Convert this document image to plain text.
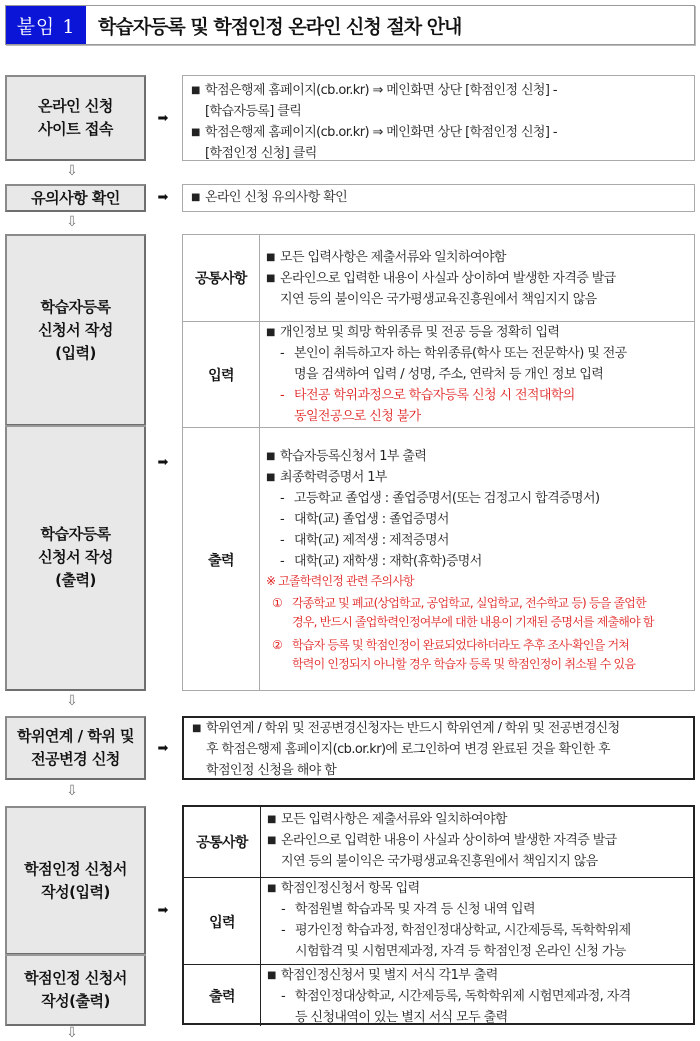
붙임 1	학습자등록 및 학점인정 온라인 신청 절차 안내
온라인 신청
사이트 접속
➡
■ 학점은행제 홈페이지(cb.or.kr) ⇒ 메인화면 상단 [학점인정 신청] -
[학습자등록] 클릭
■ 학점은행제 홈페이지(cb.or.kr) ⇒ 메인화면 상단 [학점인정 신청] -
[학점인정 신청] 클릭
⇩
유의사항 확인	➡ ■ 온라인 신청 유의사항 확인
⇩
학습자등록
신청서 작성
(입력)
학습자등록
신청서 작성
(출력)
➡
공통사항
■ 모든 입력사항은 제출서류와 일치하여야함
■ 온라인으로 입력한 내용이 사실과 상이하여 발생한 자격증 발급
지연 등의 불이익은 국가평생교육진흥원에서 책임지지 않음
입력
■ 개인정보 및 희망 학위종류 및 전공 등을 정확히 입력
- 본인이 취득하고자 하는 학위종류(학사 또는 전문학사) 및 전공
명을 검색하여 입력 / 성명, 주소, 연락처 등 개인 정보 입력
- 타전공 학위과정으로 학습자등록 신청 시 전적대학의
동일전공으로 신청 불가
출력
■ 학습자등록신청서 1부 출력
■ 최종학력증명서 1부
- 고등학교 졸업생 : 졸업증명서(또는 검정고시 합격증명서)
- 대학(교) 졸업생 : 졸업증명서
- 대학(교) 제적생 : 제적증명서
- 대학(교) 재학생 : 재학(휴학)증명서
※ 고졸학력인정 관련 주의사항
① 각종학교 및 폐교(상업학교, 공업학교, 실업학교, 전수학교 등) 등을 졸업한
경우, 반드시 졸업학력인정여부에 대한 내용이 기재된 증명서를 제출해야 함
② 학습자 등록 및 학점인정이 완료되었다하더라도 추후 조사·확인을 거쳐
학력이 인정되지 아니할 경우 학습자 등록 및 학점인정이 취소될 수 있음
⇩
학위연계 / 학위 및
전공변경 신청
➡
■ 학위연계 / 학위 및 전공변경신청자는 반드시 학위연계 / 학위 및 전공변경신청
후 학점은행제 홈페이지(cb.or.kr)에 로그인하여 변경 완료된 것을 확인한 후
학점인정 신청을 해야 함
⇩
학점인정 신청서
작성(입력)
학점인정 신청서
작성(출력)
➡
공통사항
■ 모든 입력사항은 제출서류와 일치하여야함
■ 온라인으로 입력한 내용이 사실과 상이하여 발생한 자격증 발급
지연 등의 불이익은 국가평생교육진흥원에서 책임지지 않음
입력
■ 학점인정신청서 항목 입력
- 학점원별 학습과목 및 자격 등 신청 내역 입력
- 평가인정 학습과정, 학점인정대상학교, 시간제등록, 독학학위제
시험합격 및 시험면제과정, 자격 등 학점인정 온라인 신청 가능
출력
■ 학점인정신청서 및 별지 서식 각1부 출력
- 학점인정대상학교, 시간제등록, 독학학위제 시험면제과정, 자격
등 신청내역이 있는 별지 서식 모두 출력
⇩
